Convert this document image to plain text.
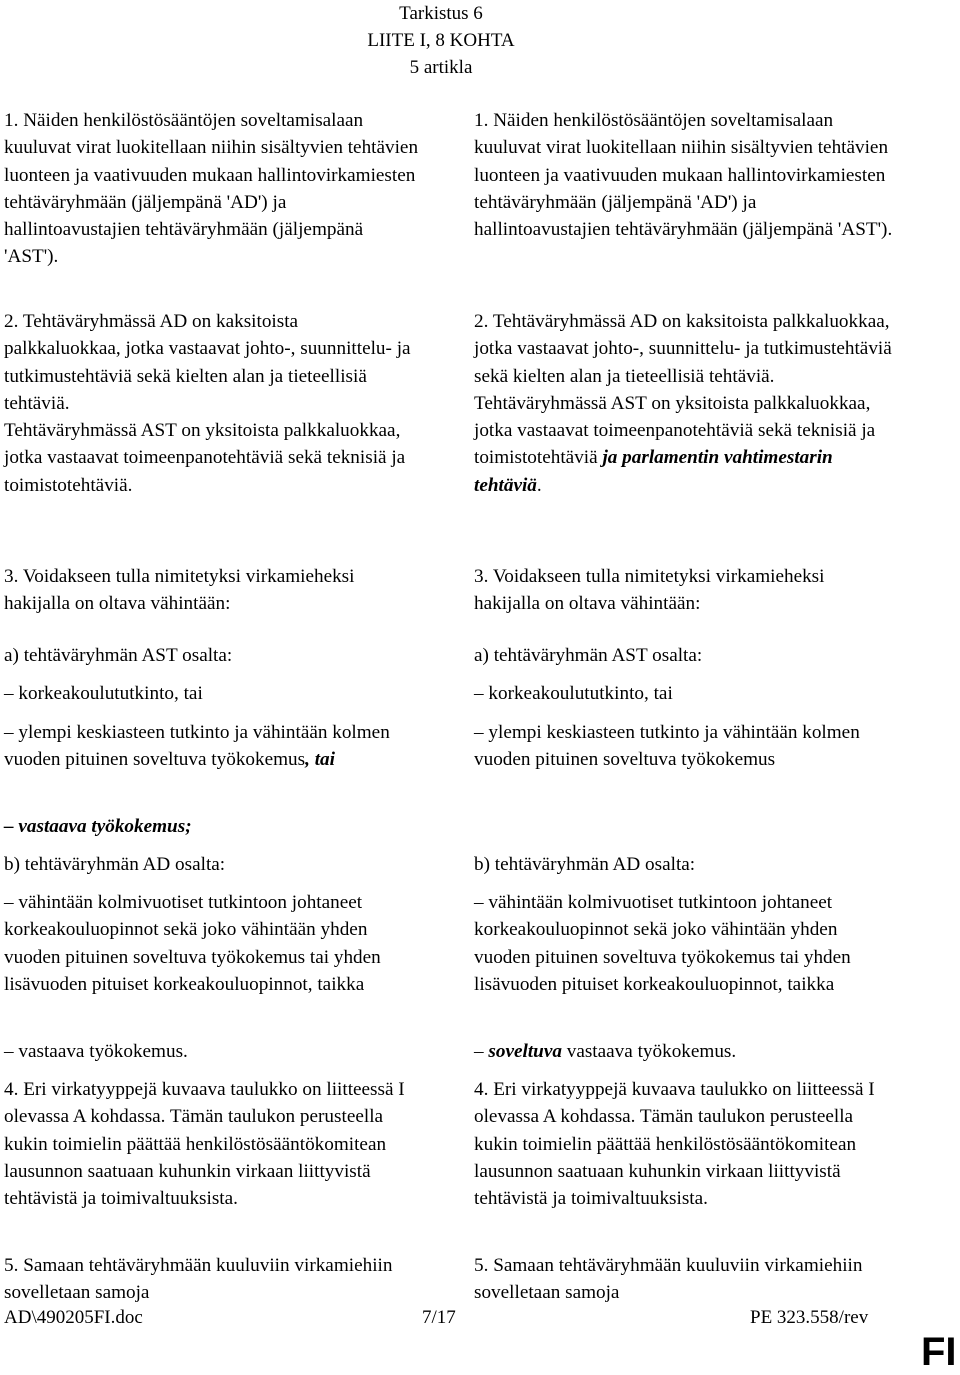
Tarkistus 6
LIITE I, 8 KOHTA
5 artikla

1. Näiden henkilöstösääntöjen soveltamisalaan kuuluvat virat luokitellaan niihin sisältyvien tehtävien luonteen ja vaativuuden mukaan hallintovirkamiesten tehtäväryhmään (jäljempänä 'AD') ja hallintoavustajien tehtäväryhmään (jäljempänä 'AST').

2. Tehtäväryhmässä AD on kaksitoista palkkaluokkaa, jotka vastaavat johto-, suunnittelu- ja tutkimustehtäviä sekä kielten alan ja tieteellisiä tehtäviä.
Tehtäväryhmässä AST on yksitoista palkkaluokkaa, jotka vastaavat toimeenpanotehtäviä sekä teknisiä ja toimistotehtäviä.

3. Voidakseen tulla nimitetyksi virkamieheksi hakijalla on oltava vähintään:

a) tehtäväryhmän AST osalta:

– korkeakoulututkinto, tai

– ylempi keskiasteen tutkinto ja vähintään kolmen vuoden pituinen soveltuva työkokemus, tai

– vastaava työkokemus;

b) tehtäväryhmän AD osalta:

– vähintään kolmivuotiset tutkintoon johtaneet korkeakouluopinnot sekä joko vähintään yhden vuoden pituinen soveltuva työkokemus tai yhden lisävuoden pituiset korkeakouluopinnot, taikka

– vastaava työkokemus.

4. Eri virkatyyppejä kuvaava taulukko on liitteessä I olevassa A kohdassa. Tämän taulukon perusteella kukin toimielin päättää henkilöstösääntökomitean lausunnon saatuaan kuhunkin virkaan liittyvistä tehtävistä ja toimivaltuuksista.

5. Samaan tehtäväryhmään kuuluviin virkamiehiin sovelletaan samoja

1. Näiden henkilöstösääntöjen soveltamisalaan kuuluvat virat luokitellaan niihin sisältyvien tehtävien luonteen ja vaativuuden mukaan hallintovirkamiesten tehtäväryhmään (jäljempänä 'AD') ja hallintoavustajien tehtäväryhmään (jäljempänä 'AST').

2. Tehtäväryhmässä AD on kaksitoista palkkaluokkaa, jotka vastaavat johto-, suunnittelu- ja tutkimustehtäviä sekä kielten alan ja tieteellisiä tehtäviä.
Tehtäväryhmässä AST on yksitoista palkkaluokkaa, jotka vastaavat toimeenpanotehtäviä sekä teknisiä ja toimistotehtäviä ja parlamentin vahtimestarin tehtäviä.

3. Voidakseen tulla nimitetyksi virkamieheksi hakijalla on oltava vähintään:

a) tehtäväryhmän AST osalta:

– korkeakoulututkinto, tai

– ylempi keskiasteen tutkinto ja vähintään kolmen vuoden pituinen soveltuva työkokemus

b) tehtäväryhmän AD osalta:

– vähintään kolmivuotiset tutkintoon johtaneet korkeakouluopinnot sekä joko vähintään yhden vuoden pituinen soveltuva työkokemus tai yhden lisävuoden pituiset korkeakouluopinnot, taikka

– soveltuva vastaava työkokemus.

4. Eri virkatyyppejä kuvaava taulukko on liitteessä I olevassa A kohdassa. Tämän taulukon perusteella kukin toimielin päättää henkilöstösääntökomitean lausunnon saatuaan kuhunkin virkaan liittyvistä tehtävistä ja toimivaltuuksista.

5. Samaan tehtäväryhmään kuuluviin virkamiehiin sovelletaan samoja

AD\490205FI.doc	7/17	PE 323.558/rev
FI
